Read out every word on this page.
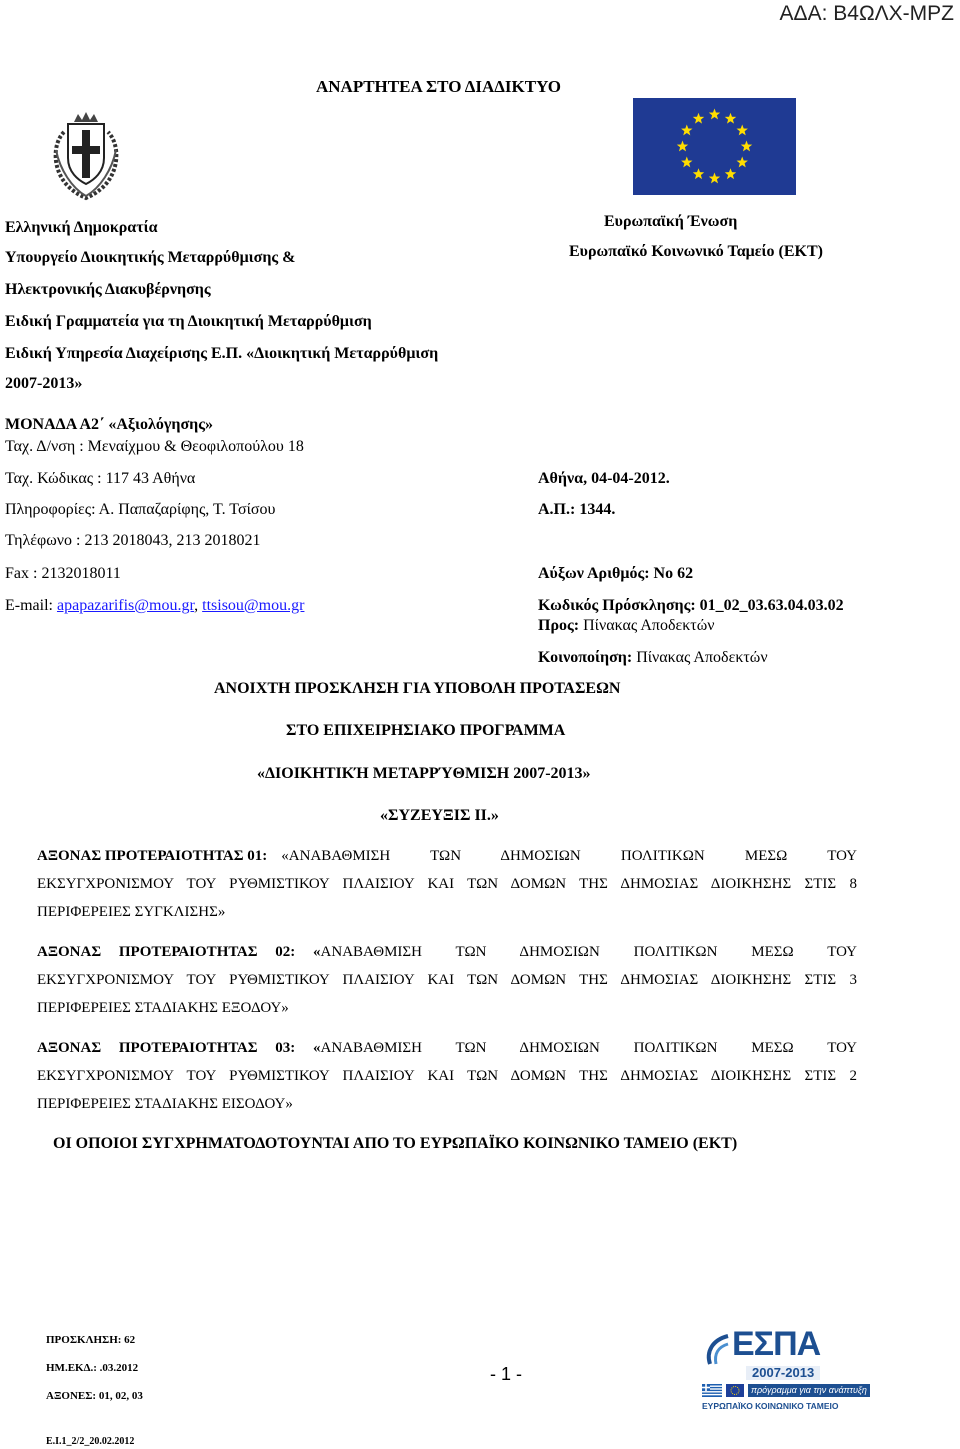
ΑΔΑ: Β4ΩΛΧ-ΜΡΖ
ΑΝΑΡΤΗΤΕΑ ΣΤΟ ΔΙΑΔΙΚΤΥΟ
Ευρωπαϊκή Ένωση
Ευρωπαϊκό Κοινωνικό Ταμείο (ΕΚΤ)
Ελληνική Δημοκρατία
Υπουργείο Διοικητικής Μεταρρύθμισης &
Ηλεκτρονικής Διακυβέρνησης
Ειδική Γραμματεία για τη Διοικητική Μεταρρύθμιση
Ειδική Υπηρεσία Διαχείρισης Ε.Π. «Διοικητική Μεταρρύθμιση
2007-2013»
ΜΟΝΑΔΑ Α2΄ «Αξιολόγησης»
Ταχ. Δ/νση : Μεναίχμου & Θεοφιλοπούλου 18
Ταχ. Κώδικας : 117 43 Αθήνα
Πληροφορίες: Α. Παπαζαρίφης, Τ. Τσίσου
Τηλέφωνο : 213 2018043, 213 2018021
Fax : 2132018011
E-mail: apapazarifis@mou.gr, ttsisou@mou.gr
Αθήνα, 04-04-2012.
Α.Π.: 1344.
Αύξων Αριθμός: Νο 62
Κωδικός Πρόσκλησης: 01_02_03.63.04.03.02
Προς: Πίνακας Αποδεκτών
Κοινοποίηση: Πίνακας Αποδεκτών
ΑΝΟΙΧΤΗ ΠΡΟΣΚΛΗΣΗ ΓΙΑ ΥΠΟΒΟΛΗ ΠΡΟΤΑΣΕΩΝ
ΣΤΟ ΕΠΙΧΕΙΡΗΣΙΑΚΟ ΠΡΟΓΡΑΜΜΑ
«ΔΙΟΙΚΗΤΙΚΉ ΜΕΤΑΡΡΎΘΜΙΣΗ 2007-2013»
«ΣΥΖΕΥΞΙΣ ΙΙ.»
ΑΞΟΝΑΣ ΠΡΟΤΕΡΑΙΟΤΗΤΑΣ 01: «ΑΝΑΒΑΘΜΙΣΗ ΤΩΝ ΔΗΜΟΣΙΩΝ ΠΟΛΙΤΙΚΩΝ ΜΕΣΩ ΤΟΥ
ΕΚΣΥΓΧΡΟΝΙΣΜΟΥ ΤΟΥ ΡΥΘΜΙΣΤΙΚΟΥ ΠΛΑΙΣΙΟΥ ΚΑΙ ΤΩΝ ΔΟΜΩΝ ΤΗΣ ΔΗΜΟΣΙΑΣ ΔΙΟΙΚΗΣΗΣ ΣΤΙΣ 8
ΠΕΡΙΦΕΡΕΙΕΣ ΣΥΓΚΛΙΣΗΣ»
ΑΞΟΝΑΣ ΠΡΟΤΕΡΑΙΟΤΗΤΑΣ 02: « ΑΝΑΒΑΘΜΙΣΗ ΤΩΝ ΔΗΜΟΣΙΩΝ ΠΟΛΙΤΙΚΩΝ ΜΕΣΩ ΤΟΥ
ΕΚΣΥΓΧΡΟΝΙΣΜΟΥ ΤΟΥ ΡΥΘΜΙΣΤΙΚΟΥ ΠΛΑΙΣΙΟΥ ΚΑΙ ΤΩΝ ΔΟΜΩΝ ΤΗΣ ΔΗΜΟΣΙΑΣ ΔΙΟΙΚΗΣΗΣ ΣΤΙΣ 3
ΠΕΡΙΦΕΡΕΙΕΣ ΣΤΑΔΙΑΚΗΣ ΕΞΟΔΟΥ»
ΑΞΟΝΑΣ ΠΡΟΤΕΡΑΙΟΤΗΤΑΣ 03: « ΑΝΑΒΑΘΜΙΣΗ ΤΩΝ ΔΗΜΟΣΙΩΝ ΠΟΛΙΤΙΚΩΝ ΜΕΣΩ ΤΟΥ
ΕΚΣΥΓΧΡΟΝΙΣΜΟΥ ΤΟΥ ΡΥΘΜΙΣΤΙΚΟΥ ΠΛΑΙΣΙΟΥ ΚΑΙ ΤΩΝ ΔΟΜΩΝ ΤΗΣ ΔΗΜΟΣΙΑΣ ΔΙΟΙΚΗΣΗΣ ΣΤΙΣ 2
ΠΕΡΙΦΕΡΕΙΕΣ ΣΤΑΔΙΑΚΗΣ ΕΙΣΟΔΟΥ»
ΟΙ ΟΠΟΙΟΙ ΣΥΓΧΡΗΜΑΤΟΔΟΤΟΥΝΤΑΙ ΑΠΟ ΤΟ ΕΥΡΩΠΑΪΚΟ ΚΟΙΝΩΝΙΚΟ ΤΑΜΕΙΟ (ΕΚΤ)
ΠΡΟΣΚΛΗΣΗ: 62
ΗΜ.ΕΚΔ.: .03.2012
ΑΞΟΝΕΣ: 01, 02, 03
- 1 -
Ε.Ι.1_2/2_20.02.2012
ΕΣΠΑ
2007-2013
πρόγραμμα για την ανάπτυξη
ΕΥΡΩΠΑΪΚΟ ΚΟΙΝΩΝΙΚΟ ΤΑΜΕΙΟ
